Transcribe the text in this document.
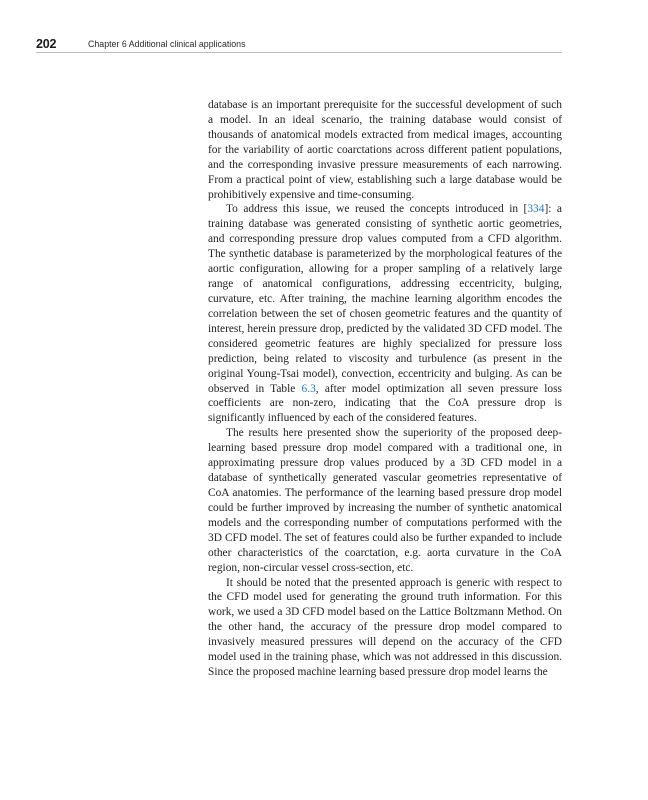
202	Chapter 6 Additional clinical applications

database is an important prerequisite for the successful development of such a model. In an ideal scenario, the training database would consist of thousands of anatomical models extracted from medical images, accounting for the variability of aortic coarctations across different patient populations, and the corresponding invasive pressure measurements of each narrowing. From a practical point of view, establishing such a large database would be prohibitively expensive and time-consuming.

To address this issue, we reused the concepts introduced in [334]: a training database was generated consisting of synthetic aortic geometries, and corresponding pressure drop values computed from a CFD algorithm. The synthetic database is parameterized by the morphological features of the aortic configuration, allowing for a proper sampling of a relatively large range of anatomical configurations, addressing eccentricity, bulging, curvature, etc. After training, the machine learning algorithm encodes the correlation between the set of chosen geometric features and the quantity of interest, herein pressure drop, predicted by the validated 3D CFD model. The considered geometric features are highly specialized for pressure loss prediction, being related to viscosity and turbulence (as present in the original Young-Tsai model), convection, eccentricity and bulging. As can be observed in Table 6.3, after model optimization all seven pressure loss coefficients are non-zero, indicating that the CoA pressure drop is significantly influenced by each of the considered features.

The results here presented show the superiority of the proposed deep-learning based pressure drop model compared with a traditional one, in approximating pressure drop values produced by a 3D CFD model in a database of synthetically generated vascular geometries representative of CoA anatomies. The performance of the learning based pressure drop model could be further improved by increasing the number of synthetic anatomical models and the corresponding number of computations performed with the 3D CFD model. The set of features could also be further expanded to include other characteristics of the coarctation, e.g. aorta curvature in the CoA region, non-circular vessel cross-section, etc.

It should be noted that the presented approach is generic with respect to the CFD model used for generating the ground truth information. For this work, we used a 3D CFD model based on the Lattice Boltzmann Method. On the other hand, the accuracy of the pressure drop model compared to invasively measured pressures will depend on the accuracy of the CFD model used in the training phase, which was not addressed in this discussion. Since the proposed machine learning based pressure drop model learns the
